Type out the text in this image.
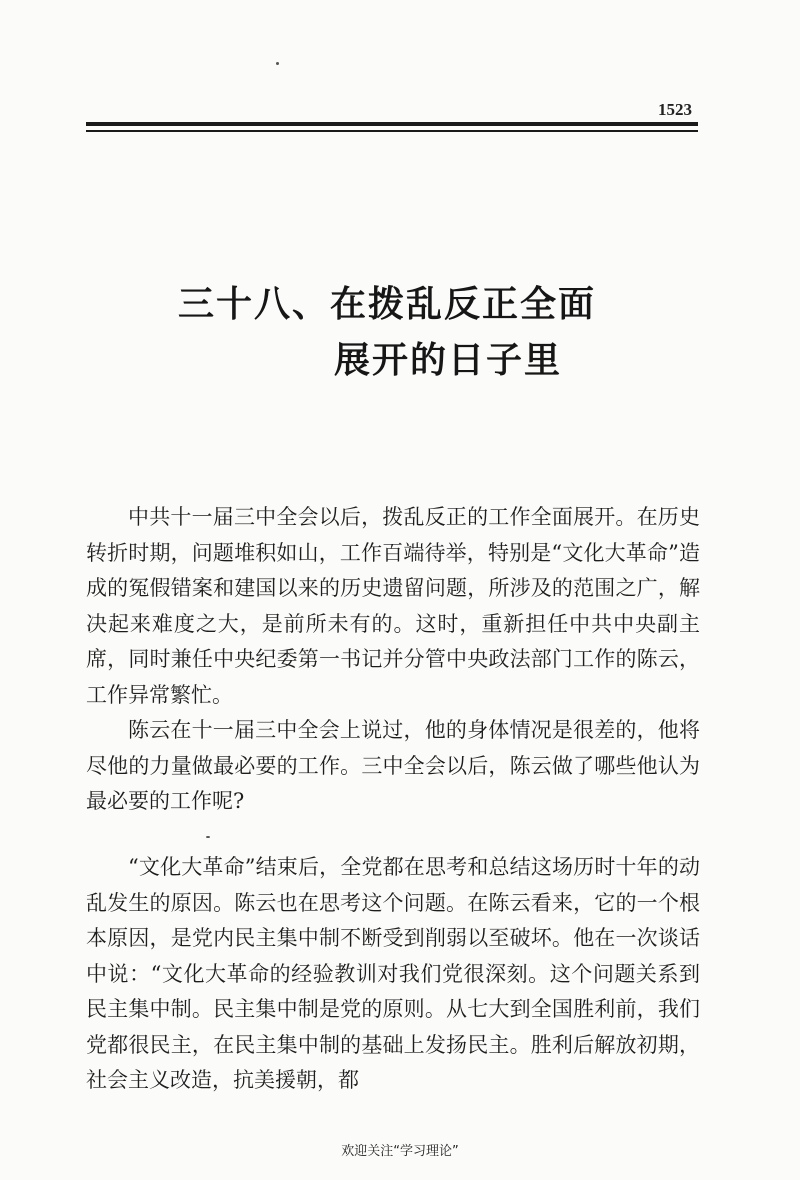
1523
三十八、在拨乱反正全面
展开的日子里

中共十一届三中全会以后，拨乱反正的工作全面展开。在历史转折时期，问题堆积如山，工作百端待举，特别是“文化大革命”造成的冤假错案和建国以来的历史遗留问题，所涉及的范围之广，解决起来难度之大，是前所未有的。这时，重新担任中共中央副主席，同时兼任中央纪委第一书记并分管中央政法部门工作的陈云，工作异常繁忙。

陈云在十一届三中全会上说过，他的身体情况是很差的，他将尽他的力量做最必要的工作。三中全会以后，陈云做了哪些他认为最必要的工作呢?

“文化大革命”结束后，全党都在思考和总结这场历时十年的动乱发生的原因。陈云也在思考这个问题。在陈云看来，它的一个根本原因，是党内民主集中制不断受到削弱以至破坏。他在一次谈话中说：“文化大革命的经验教训对我们党很深刻。这个问题关系到民主集中制。民主集中制是党的原则。从七大到全国胜利前，我们党都很民主，在民主集中制的基础上发扬民主。胜利后解放初期，社会主义改造，抗美援朝，都

欢迎关注“学习理论”
